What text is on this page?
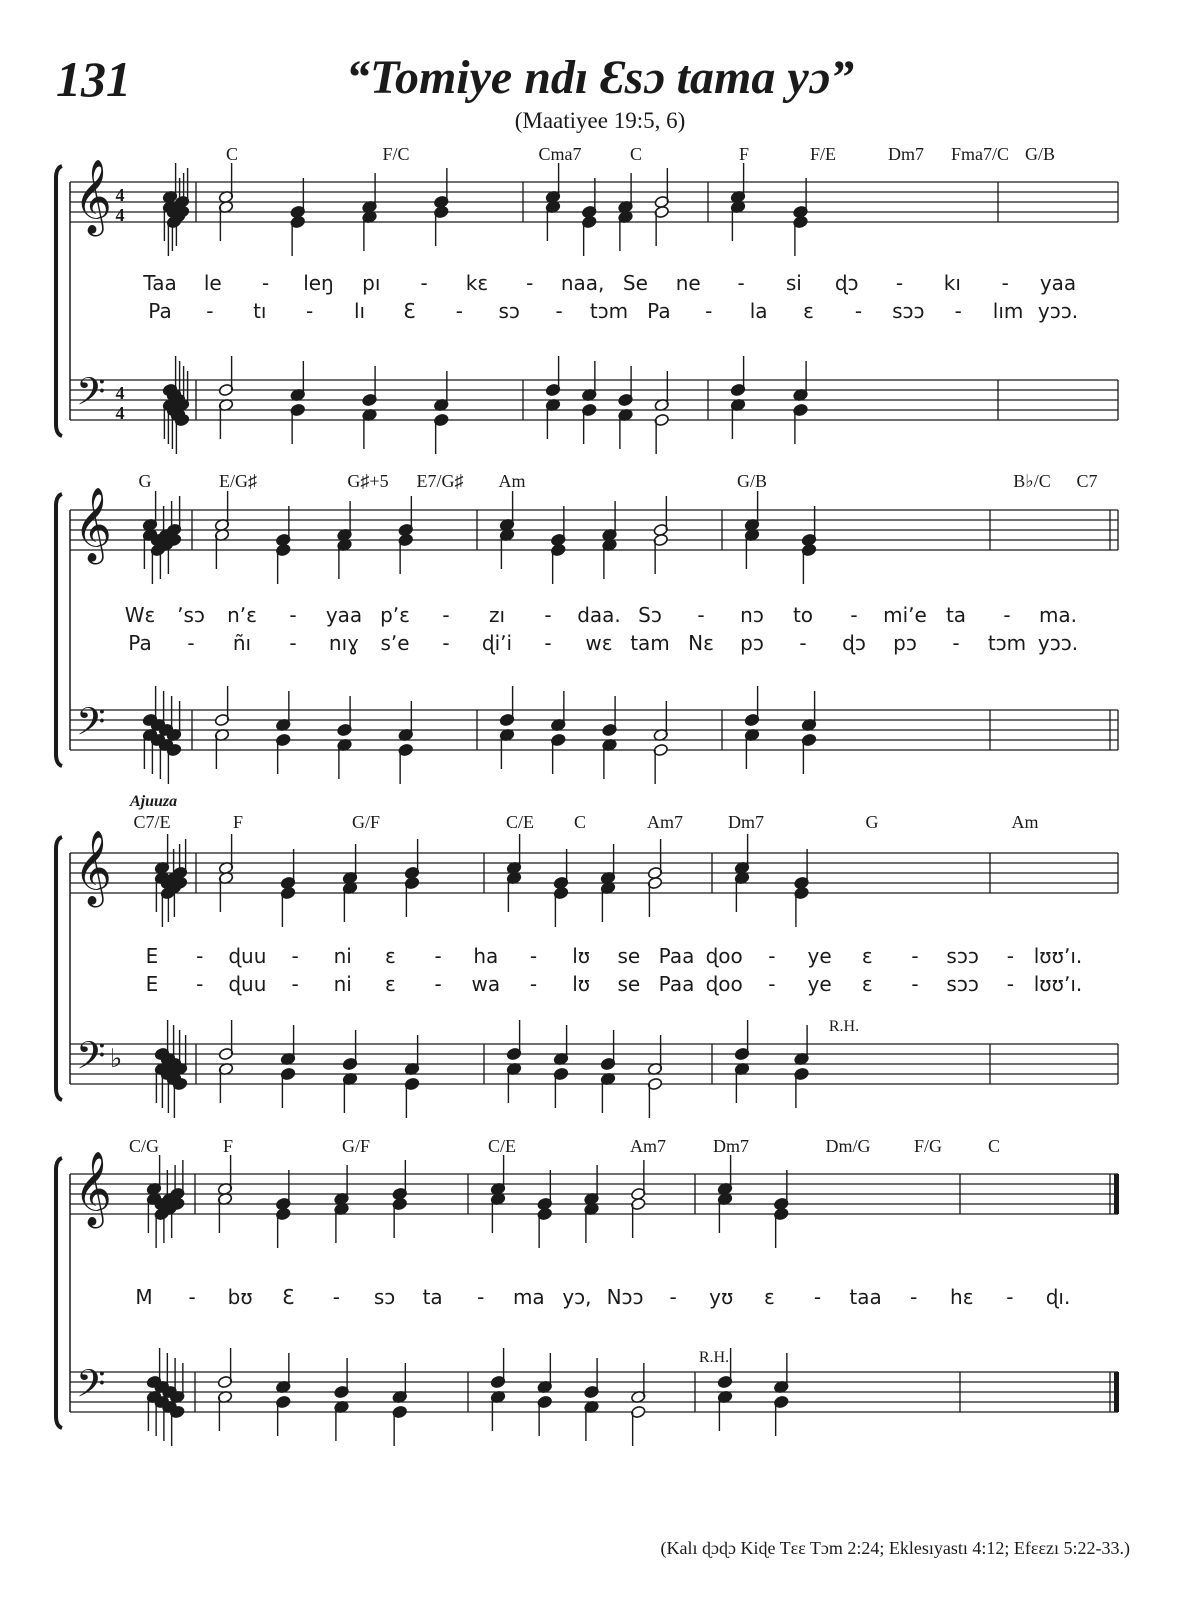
131	“Tomiye ndı Ɛsɔ tama yɔ”
(Maatiyee 19:5, 6)
𝄞
𝄢
4
4
4
4
C	F/C	Cma7	C	F	F/E	Dm7 Fma7/C G/B
Taa le - leŋ pı - kɛ - naa, Se ne - si ɖɔ - kı - yaa
Pa - tı - lı Ɛ - sɔ - tɔm Pa - la ɛ - sɔɔ - lım yɔɔ.
𝄞
𝄢
G	E/G♯	G♯+5 E7/G♯ Am	G/B	B♭/C C7
Wɛ ʼsɔ nʼɛ - yaa pʼɛ - zı - daa. Sɔ - nɔ to - miʼe ta - ma.
Pa - ñı - nıɣ sʼe - ɖiʼi - wɛ tam Nɛ pɔ - ɖɔ pɔ - tɔm yɔɔ.
𝄞
𝄢 ♭
C7/E	F	G/F	C/E C	Am7	Dm7	G	Am
Ajuuza
R.H.
E - ɖuu - ni ɛ - ha - lʊ se Paa ɖoo - ye ɛ - sɔɔ - lʊʊʼı.
E - ɖuu - ni ɛ - wa - lʊ se Paa ɖoo - ye ɛ - sɔɔ - lʊʊʼı.
𝄞
𝄢
C/G	F	G/F	C/E	Am7	Dm7	Dm/G F/G	C
R.H.
M - bʊ Ɛ - sɔ ta - ma yɔ, Nɔɔ - yʊ ɛ - taa - hɛ - ɖı.
(Kalı ɖɔɖɔ Kiɖe Tɛɛ Tɔm 2:24; Eklesıyastı 4:12; Efɛɛzı 5:22-33.)
